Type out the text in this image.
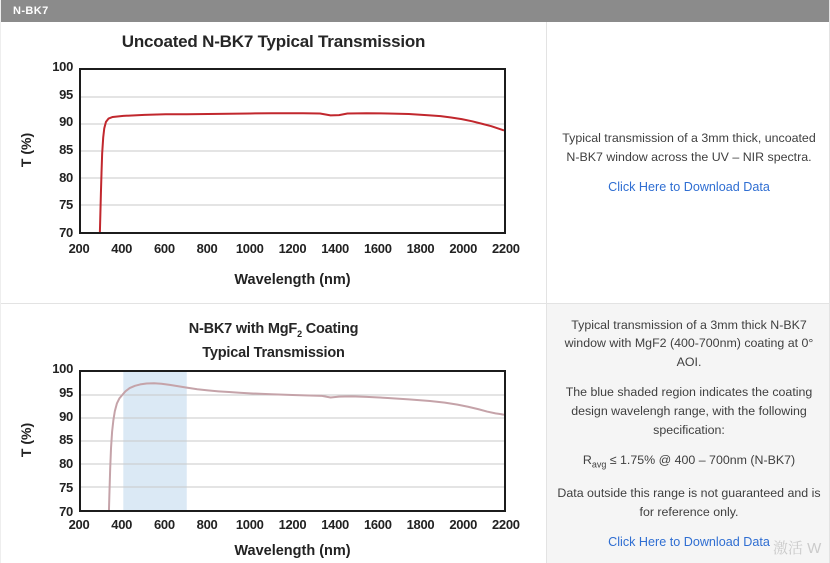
N-BK7
Uncoated N-BK7 Typical Transmission
T (%)
100
95
90
85
80
75
70
200	400	600	800	1000	1200	1400	1600	1800	2000	2200
Wavelength (nm)
N-BK7 with MgF$_2$ Coating
Typical Transmission
T (%)
100
95
90
85
80
75
70
200	400	600	800	1000	1200	1400	1600	1800	2000	2200
Wavelength (nm)

Typical transmission of a 3mm thick, uncoated N-BK7 window across the UV – NIR spectra.

Click Here to Download Data

Typical transmission of a 3mm thick N-BK7 window with MgF2 (400-700nm) coating at 0° AOI.

The blue shaded region indicates the coating design wavelengh range, with the following specification:

$R_{avg} \le 1.75\%$ @ 400 – 700nm (N-BK7)

Data outside this range is not guaranteed and is for reference only.

Click Here to Download Data 激活 W
